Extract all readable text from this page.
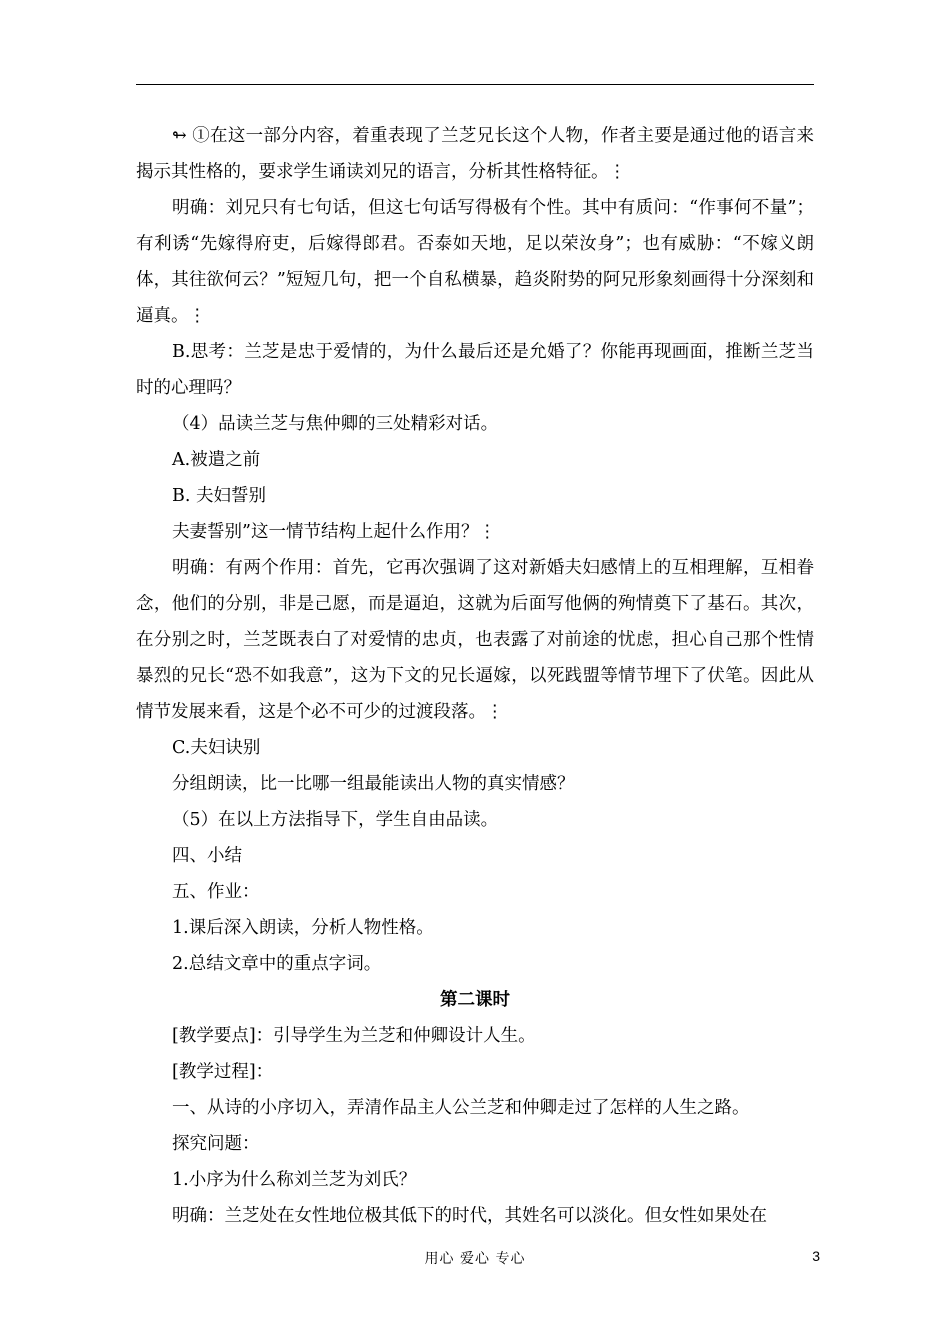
↬ ①在这一部分内容，着重表现了兰芝兄长这个人物，作者主要是通过他的语言来揭示其性格的，要求学生诵读刘兄的语言，分析其性格特征。⋮

明确：刘兄只有七句话，但这七句话写得极有个性。其中有质问：“作事何不量”；有利诱“先嫁得府吏，后嫁得郎君。否泰如天地，足以荣汝身”；也有威胁：“不嫁义朗体，其往欲何云？”短短几句，把一个自私横暴，趋炎附势的阿兄形象刻画得十分深刻和逼真。⋮

B.思考：兰芝是忠于爱情的，为什么最后还是允婚了？你能再现画面，推断兰芝当时的心理吗？

（4）品读兰芝与焦仲卿的三处精彩对话。

A.被遣之前

B. 夫妇誓别

夫妻誓别”这一情节结构上起什么作用？⋮

明确：有两个作用：首先，它再次强调了这对新婚夫妇感情上的互相理解，互相眷念，他们的分别，非是己愿，而是逼迫，这就为后面写他俩的殉情奠下了基石。其次，在分别之时，兰芝既表白了对爱情的忠贞，也表露了对前途的忧虑，担心自己那个性情暴烈的兄长“恐不如我意”，这为下文的兄长逼嫁，以死践盟等情节埋下了伏笔。因此从情节发展来看，这是个必不可少的过渡段落。⋮

C.夫妇诀别

分组朗读，比一比哪一组最能读出人物的真实情感？

（5）在以上方法指导下，学生自由品读。

四、小结

五、作业：

1.课后深入朗读，分析人物性格。

2.总结文章中的重点字词。

第二课时

[教学要点]：引导学生为兰芝和仲卿设计人生。

[教学过程]：

一、从诗的小序切入，弄清作品主人公兰芝和仲卿走过了怎样的人生之路。

探究问题：

1.小序为什么称刘兰芝为刘氏？

明确：兰芝处在女性地位极其低下的时代，其姓名可以淡化。但女性如果处在

用心 爱心 专心	3
